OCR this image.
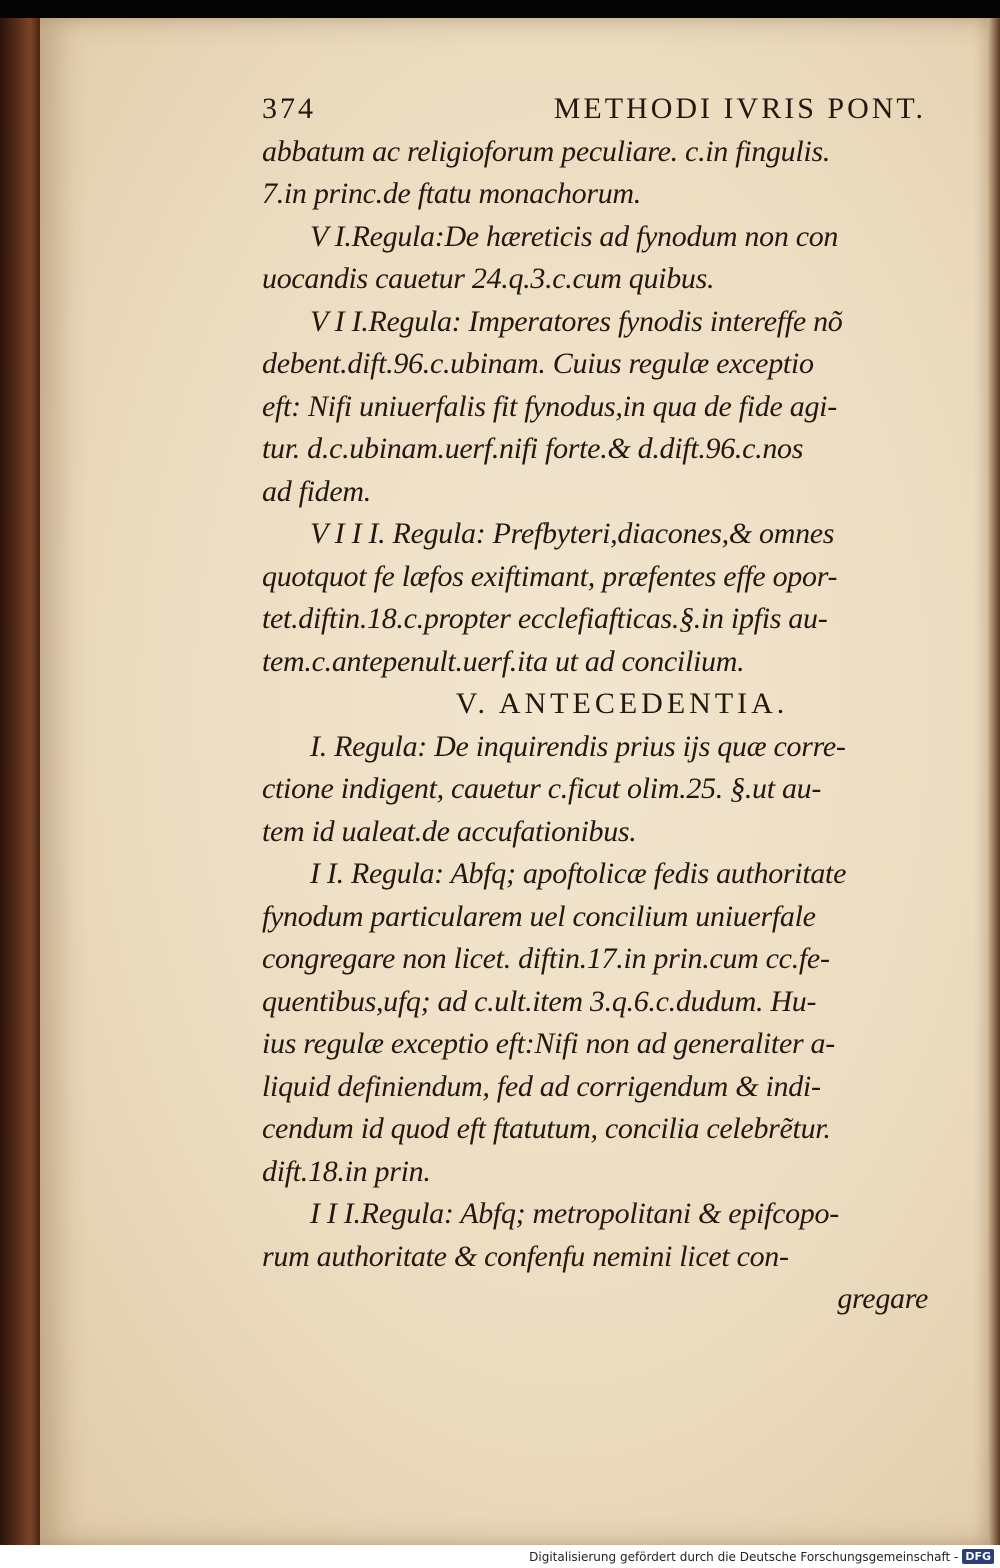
374	METHODI IVRIS PONT.
abbatum ac religioforum peculiare. c.in fingulis.
7.in princ.de ftatu monachorum.
V I.Regula:De hæreticis ad fynodum non con
uocandis cauetur 24.q.3.c.cum quibus.
V I I.Regula: Imperatores fynodis intereffe nõ
debent.dift.96.c.ubinam. Cuius regulæ exceptio
eft: Nifi uniuerfalis fit fynodus,in qua de fide agi-
tur. d.c.ubinam.uerf.nifi forte.& d.dift.96.c.nos
ad fidem.
V I I I. Regula: Prefbyteri,diacones,& omnes
quotquot fe læfos exiftimant, præfentes effe opor-
tet.diftin.18.c.propter ecclefiafticas.§.in ipfis au-
tem.c.antepenult.uerf.ita ut ad concilium.
V. ANTECEDENTIA.
I. Regula: De inquirendis prius ijs quæ corre-
ctione indigent, cauetur c.ficut olim.25. §.ut au-
tem id ualeat.de accufationibus.
I I. Regula: Abfq; apoftolicæ fedis authoritate
fynodum particularem uel concilium uniuerfale
congregare non licet. diftin.17.in prin.cum cc.fe-
quentibus,ufq; ad c.ult.item 3.q.6.c.dudum. Hu-
ius regulæ exceptio eft:Nifi non ad generaliter a-
liquid definiendum, fed ad corrigendum & indi-
cendum id quod eft ftatutum, concilia celebrẽtur.
dift.18.in prin.
I I I.Regula: Abfq; metropolitani & epifcopo-
rum authoritate & confenfu nemini licet con-
gregare
Digitalisierung gefördert durch die Deutsche Forschungsgemeinschaft - DFG
